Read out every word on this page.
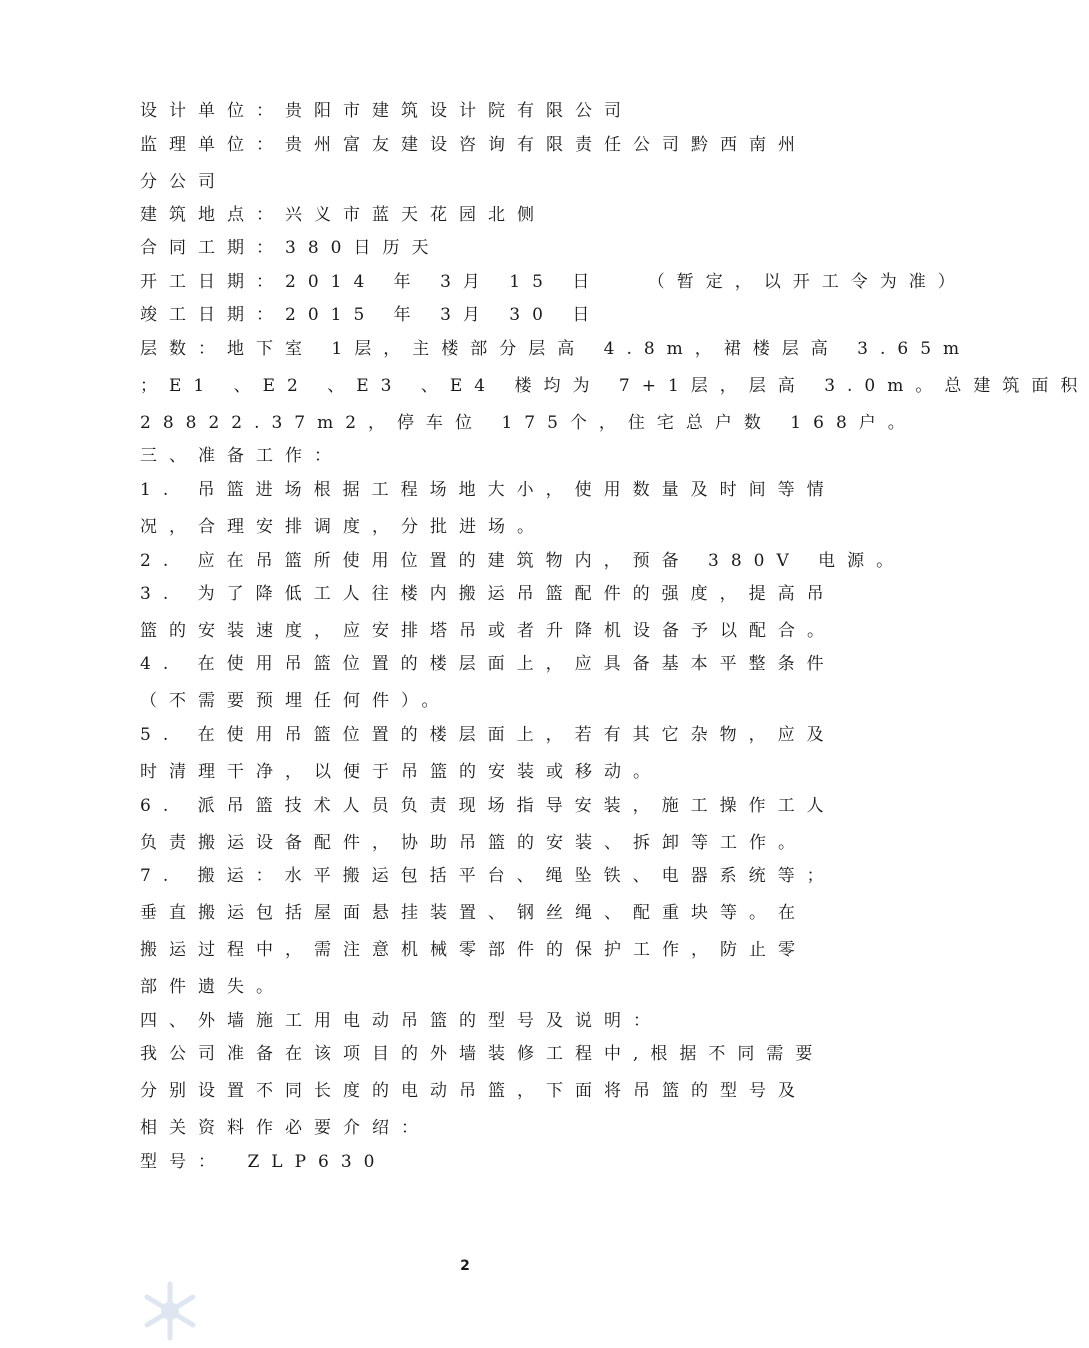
设计单位：贵阳市建筑设计院有限公司
监理单位：贵州富友建设咨询有限责任公司黔西南州
分公司
建筑地点：兴义市蓝天花园北侧
合同工期：380日历天
开工日期：2014 年 3月 15 日　 （暂定，以开工令为准）
竣工日期：2015 年 3月 30 日
层数：地下室 1层，主楼部分层高 4.8m，裙楼层高 3.65m
；E1 、E2 、E3 、E4 楼均为 7+1层，层高 3.0m。总建筑面积
28822.37m2，停车位 175个，住宅总户数 168户。
三、准备工作：
1. 吊篮进场根据工程场地大小，使用数量及时间等情
况，合理安排调度，分批进场。
2. 应在吊篮所使用位置的建筑物内，预备 380V 电源。
3. 为了降低工人往楼内搬运吊篮配件的强度，提高吊
篮的安装速度，应安排塔吊或者升降机设备予以配合。
4. 在使用吊篮位置的楼层面上，应具备基本平整条件
（不需要预埋任何件）。
5. 在使用吊篮位置的楼层面上，若有其它杂物，应及
时清理干净，以便于吊篮的安装或移动。
6. 派吊篮技术人员负责现场指导安装，施工操作工人
负责搬运设备配件，协助吊篮的安装、拆卸等工作。
7. 搬运：水平搬运包括平台、绳坠铁、电器系统等；
垂直搬运包括屋面悬挂装置、钢丝绳、配重块等。在
搬运过程中，需注意机械零部件的保护工作，防止零
部件遗失。
四、外墙施工用电动吊篮的型号及说明：
我公司准备在该项目的外墙装修工程中,根据不同需要
分别设置不同长度的电动吊篮，下面将吊篮的型号及
相关资料作必要介绍：
型号：　ZLP630
2
